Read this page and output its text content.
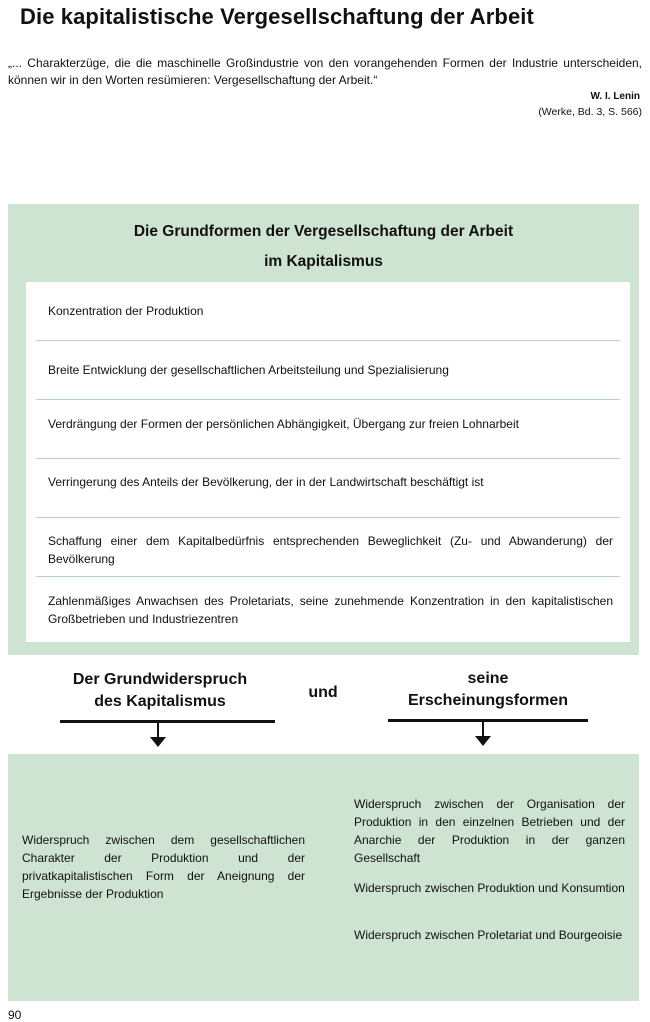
Die kapitalistische Vergesellschaftung der Arbeit
„... Charakterzüge, die die maschinelle Großindustrie von den vorangehenden Formen der Industrie unterscheiden, können wir in den Worten resümieren: Vergesellschaftung der Arbeit.“
W. I. Lenin
(Werke, Bd. 3, S. 566)
Die Grundformen der Vergesellschaftung der Arbeit
im Kapitalismus
Konzentration der Produktion
Breite Entwicklung der gesellschaftlichen Arbeitsteilung und Spezialisierung
Verdrängung der Formen der persönlichen Abhängigkeit, Übergang zur freien Lohnarbeit
Verringerung des Anteils der Bevölkerung, der in der Landwirtschaft beschäftigt ist
Schaffung einer dem Kapitalbedürfnis entsprechenden Beweglichkeit (Zu- und Abwanderung) der Bevölkerung
Zahlenmäßiges Anwachsen des Proletariats, seine zunehmende Konzentration in den kapitalistischen Großbetrieben und Industriezentren
Der Grundwiderspruch
des Kapitalismus
und
seine
Erscheinungsformen
Widerspruch zwischen dem gesellschaftlichen Charakter der Produktion und der privatkapitalistischen Form der Aneignung der Ergebnisse der Produktion
Widerspruch zwischen der Organisation der Produktion in den einzelnen Betrieben und der Anarchie der Produktion in der ganzen Gesellschaft
Widerspruch zwischen Produktion und Konsumtion
Widerspruch zwischen Proletariat und Bourgeoisie
90
